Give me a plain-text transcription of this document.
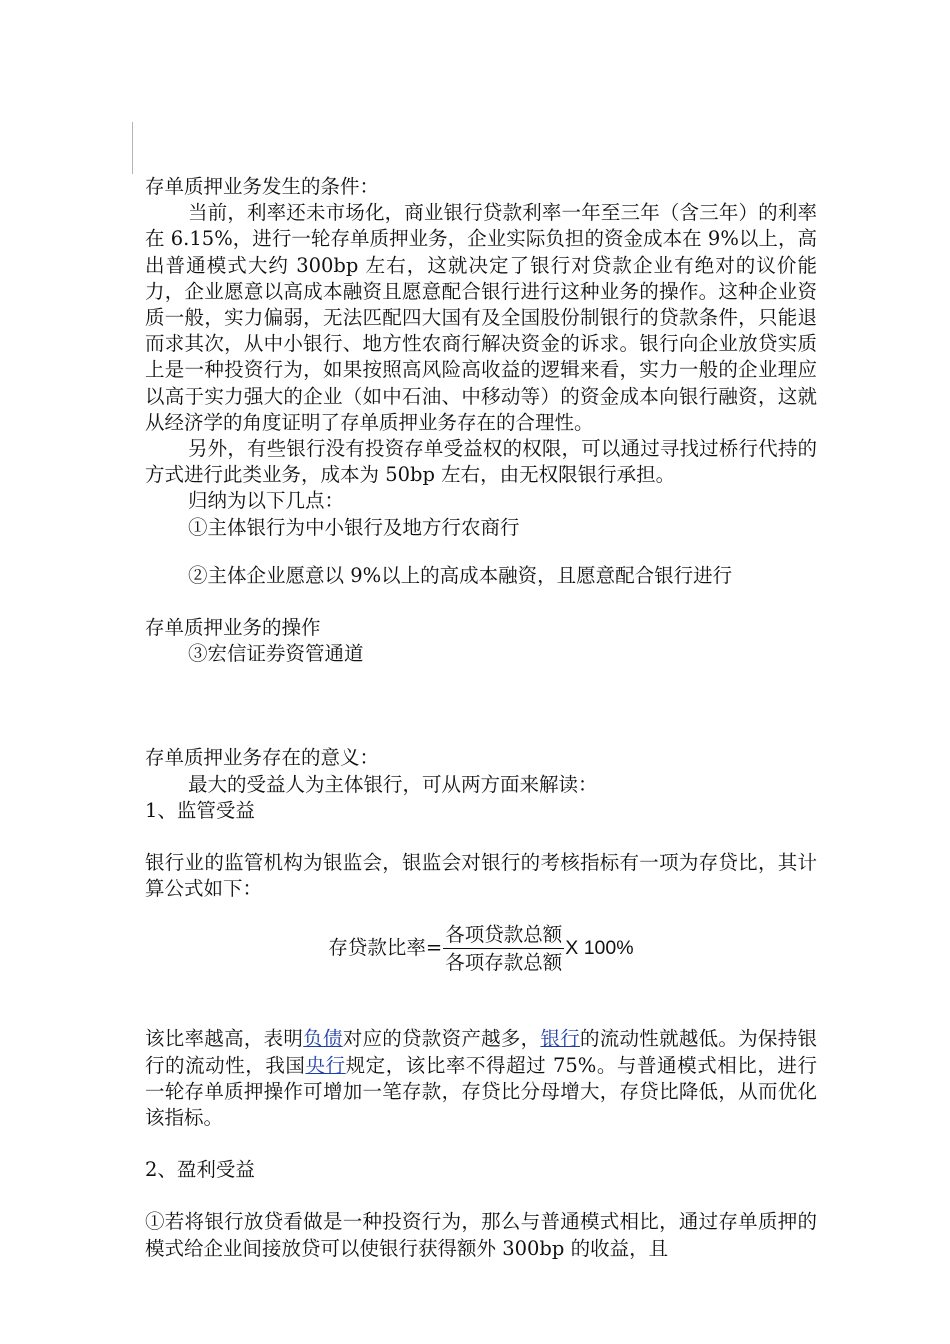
存单质押业务发生的条件：

当前，利率还未市场化，商业银行贷款利率一年至三年（含三年）的利率在 6.15%，进行一轮存单质押业务，企业实际负担的资金成本在 9%以上，高出普通模式大约 300bp 左右，这就决定了银行对贷款企业有绝对的议价能力，企业愿意以高成本融资且愿意配合银行进行这种业务的操作。这种企业资质一般，实力偏弱，无法匹配四大国有及全国股份制银行的贷款条件，只能退而求其次，从中小银行、地方性农商行解决资金的诉求。银行向企业放贷实质上是一种投资行为，如果按照高风险高收益的逻辑来看，实力一般的企业理应以高于实力强大的企业（如中石油、中移动等）的资金成本向银行融资，这就从经济学的角度证明了存单质押业务存在的合理性。

另外，有些银行没有投资存单受益权的权限，可以通过寻找过桥行代持的方式进行此类业务，成本为 50bp 左右，由无权限银行承担。

归纳为以下几点：

①主体银行为中小银行及地方行农商行

②主体企业愿意以 9%以上的高成本融资，且愿意配合银行进行

存单质押业务的操作

③宏信证券资管通道

存单质押业务存在的意义：

最大的受益人为主体银行，可从两方面来解读：

1、监管受益

银行业的监管机构为银监会，银监会对银行的考核指标有一项为存贷比，其计算公式如下：

存贷款比率= $\frac{\text{各项贷款总额}}{\text{各项存款总额}}$ X 100%

该比率越高，表明负债对应的贷款资产越多，银行的流动性就越低。为保持银行的流动性，我国央行规定，该比率不得超过 75%。与普通模式相比，进行一轮存单质押操作可增加一笔存款，存贷比分母增大，存贷比降低，从而优化该指标。

2、盈利受益

①若将银行放贷看做是一种投资行为，那么与普通模式相比，通过存单质押的模式给企业间接放贷可以使银行获得额外 300bp 的收益，且
